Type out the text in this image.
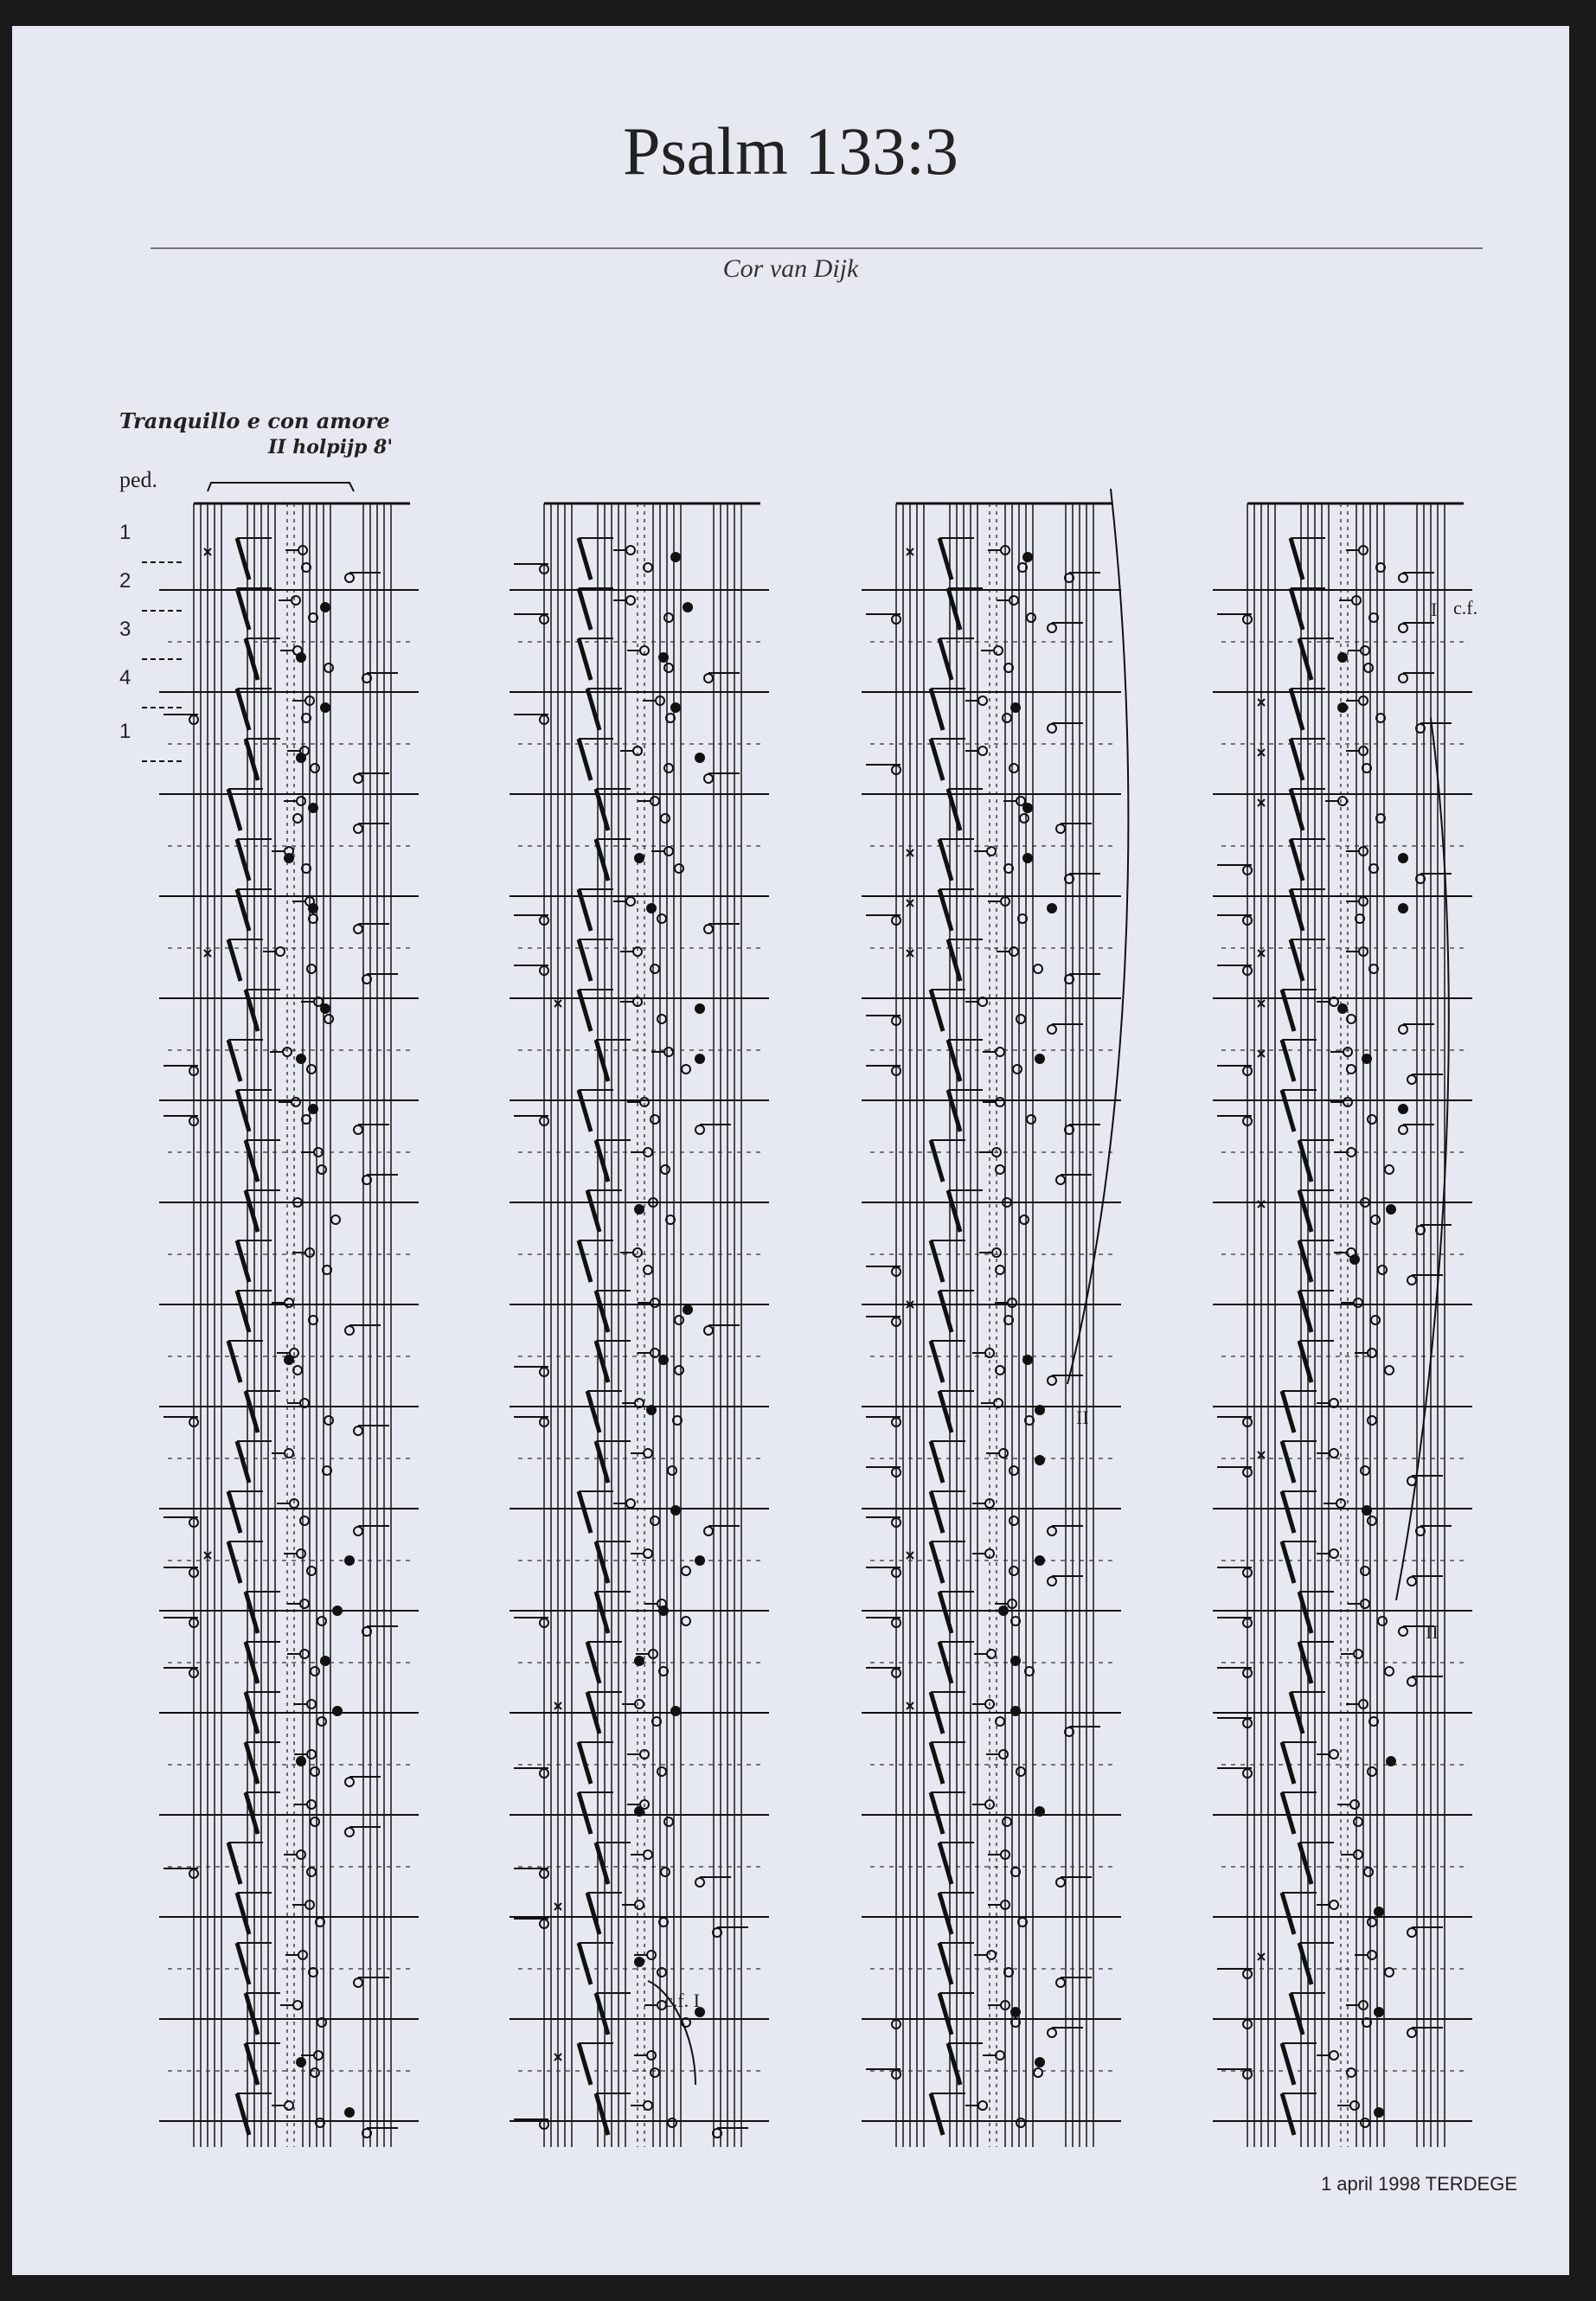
Psalm 133:3
Cor van Dijk
Tranquillo e con amore
II holpijp 8'
ped.
1
2
3
4
1
c.f. I
c.f.
I
II
II
1 april 1998 TERDEGE
